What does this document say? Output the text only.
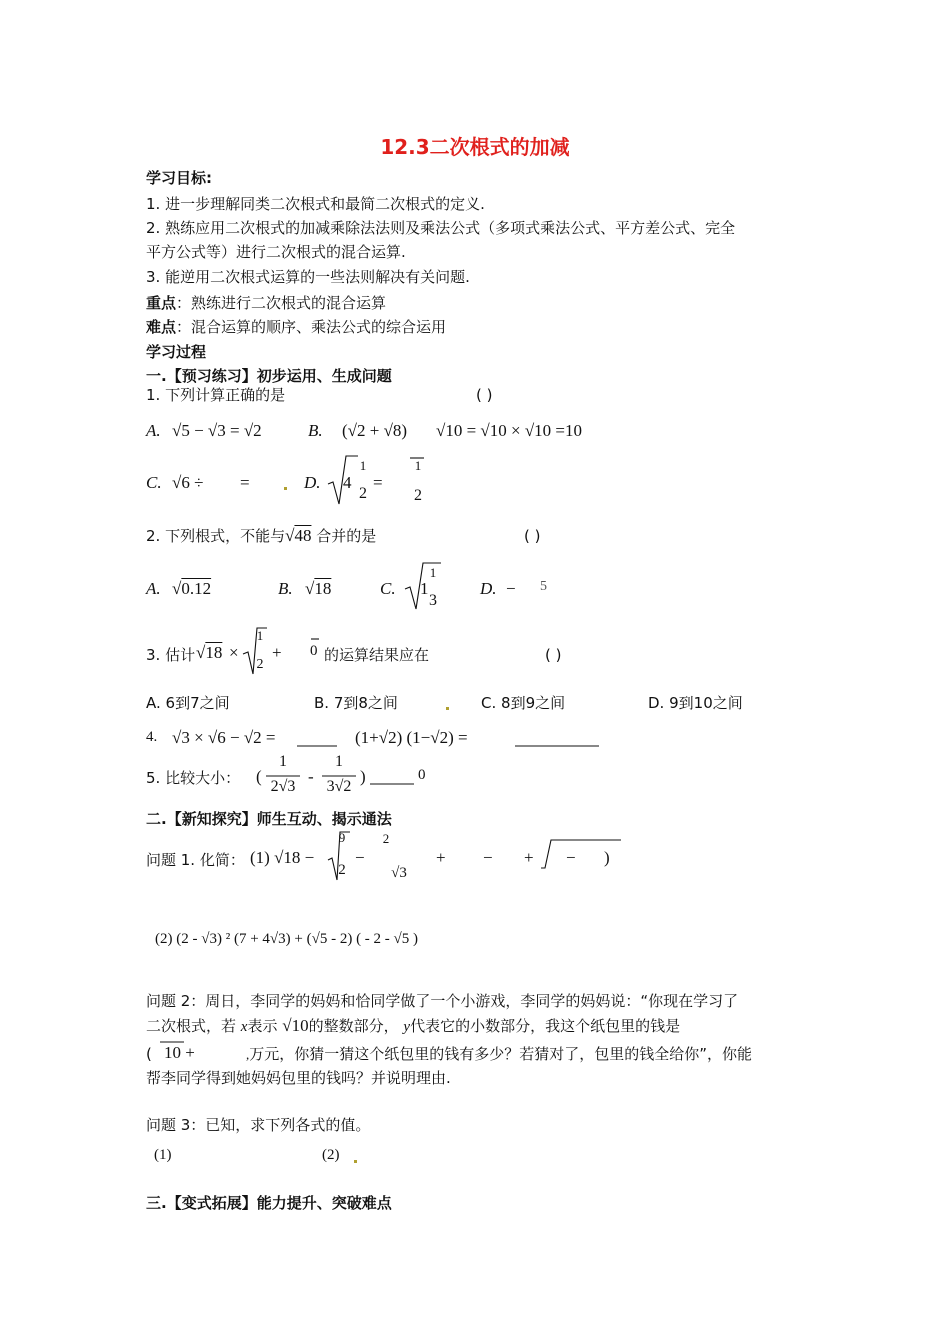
12.3二次根式的加减
学习目标:
1. 进一步理解同类二次根式和最简二次根式的定义.
2. 熟练应用二次根式的加减乘除法法则及乘法公式（多项式乘法公式、平方差公式、完全
平方公式等）进行二次根式的混合运算.
3. 能逆用二次根式运算的一些法则解决有关问题.
重点：熟练进行二次根式的混合运算
难点：混合运算的顺序、乘法公式的综合运用
学习过程
一.【预习练习】初步运用、生成问题
1. 下列计算正确的是	( )
A. √5 − √3 = √2	B. (√2 + √8) √10 = √10 × √10 =10
C. √6 ÷ =	D. 4
1
2
=
1
2
2. 下列根式，不能与√48 合并的是	( )
A. √0.12	B. √18	C. 1
1
3
D. − 5
3. 估计 √18 ×
1
2
+ 0 的运算结果应在	( )
A. 6到7之间	B. 7到8之间	C. 8到9之间	D. 9到10之间
4. √3 × √6 − √2 =	(1+√2) (1−√2) =
5. 比较大小： (
1
2√3
-
1
3√2
)	0
二.【新知探究】师生互动、揭示通法
问题 1. 化简： (1) √18 −
9
2
−
2
√3
+ − + − )
(2) (2 - √3) ² (7 + 4√3) + (√5 - 2) ( - 2 - √5 )
问题 2：周日，李同学的妈妈和恰同学做了一个小游戏，李同学的妈妈说：“你现在学习了
二次根式，若 x表示 √10的整数部分， y代表它的小数部分，我这个纸包里的钱是
( 10 +	,万元，你猜一猜这个纸包里的钱有多少？若猜对了，包里的钱全给你”，你能
帮李同学得到她妈妈包里的钱吗？并说明理由.
问题 3：已知，求下列各式的值。
(1)	(2)
三.【变式拓展】能力提升、突破难点
